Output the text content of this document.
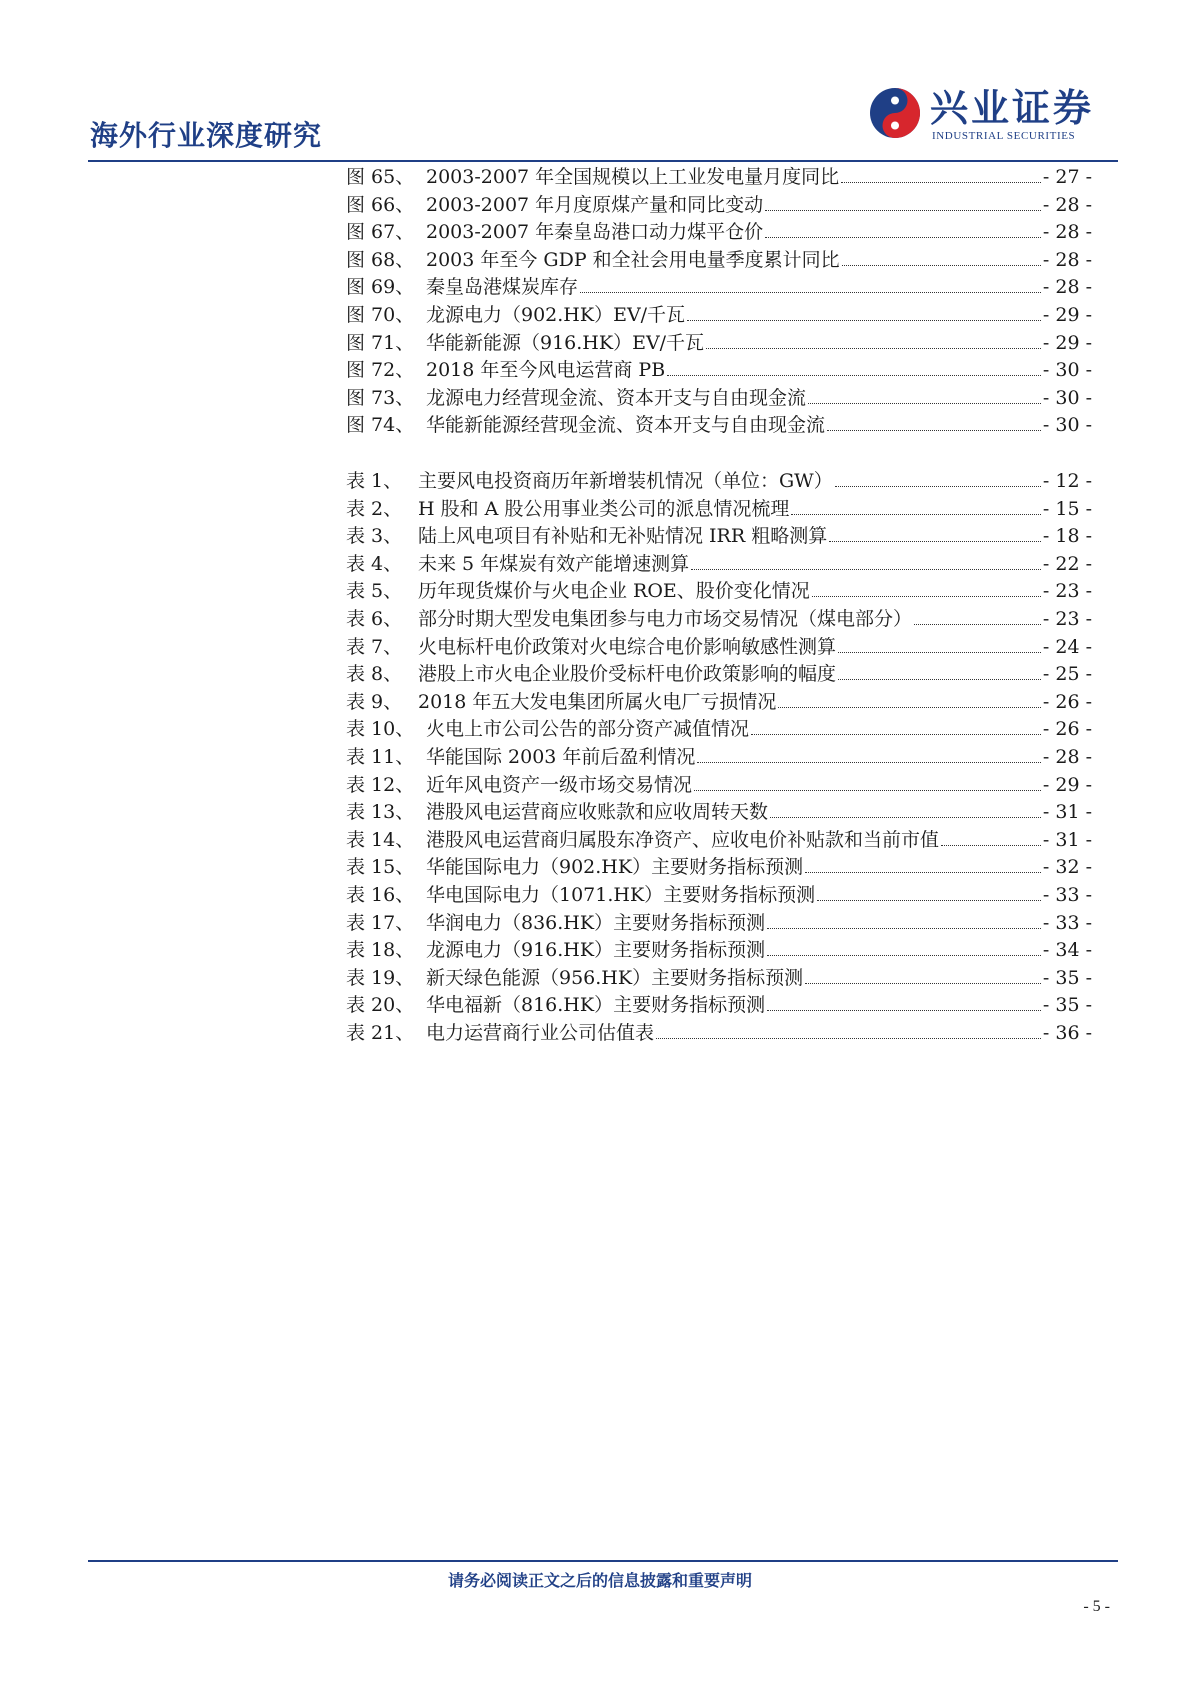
海外行业深度研究
兴业证券
INDUSTRIAL SECURITIES
图 65、 2003-2007 年全国规模以上工业发电量月度同比	- 27 -
图 66、 2003-2007 年月度原煤产量和同比变动	- 28 -
图 67、 2003-2007 年秦皇岛港口动力煤平仓价	- 28 -
图 68、 2003 年至今 GDP 和全社会用电量季度累计同比	- 28 -
图 69、 秦皇岛港煤炭库存	- 28 -
图 70、 龙源电力（902.HK）EV/千瓦	- 29 -
图 71、 华能新能源（916.HK）EV/千瓦	- 29 -
图 72、 2018 年至今风电运营商 PB	- 30 -
图 73、 龙源电力经营现金流、资本开支与自由现金流	- 30 -
图 74、 华能新能源经营现金流、资本开支与自由现金流	- 30 -
表 1、 主要风电投资商历年新增装机情况（单位：GW）	- 12 -
表 2、 H 股和 A 股公用事业类公司的派息情况梳理	- 15 -
表 3、 陆上风电项目有补贴和无补贴情况 IRR 粗略测算	- 18 -
表 4、 未来 5 年煤炭有效产能增速测算	- 22 -
表 5、 历年现货煤价与火电企业 ROE、股价变化情况	- 23 -
表 6、 部分时期大型发电集团参与电力市场交易情况（煤电部分）	- 23 -
表 7、 火电标杆电价政策对火电综合电价影响敏感性测算	- 24 -
表 8、 港股上市火电企业股价受标杆电价政策影响的幅度	- 25 -
表 9、 2018 年五大发电集团所属火电厂亏损情况	- 26 -
表 10、 火电上市公司公告的部分资产减值情况	- 26 -
表 11、 华能国际 2003 年前后盈利情况	- 28 -
表 12、 近年风电资产一级市场交易情况	- 29 -
表 13、 港股风电运营商应收账款和应收周转天数	- 31 -
表 14、 港股风电运营商归属股东净资产、应收电价补贴款和当前市值	- 31 -
表 15、 华能国际电力（902.HK）主要财务指标预测	- 32 -
表 16、 华电国际电力（1071.HK）主要财务指标预测	- 33 -
表 17、 华润电力（836.HK）主要财务指标预测	- 33 -
表 18、 龙源电力（916.HK）主要财务指标预测	- 34 -
表 19、 新天绿色能源（956.HK）主要财务指标预测	- 35 -
表 20、 华电福新（816.HK）主要财务指标预测	- 35 -
表 21、 电力运营商行业公司估值表	- 36 -
请务必阅读正文之后的信息披露和重要声明
- 5 -
